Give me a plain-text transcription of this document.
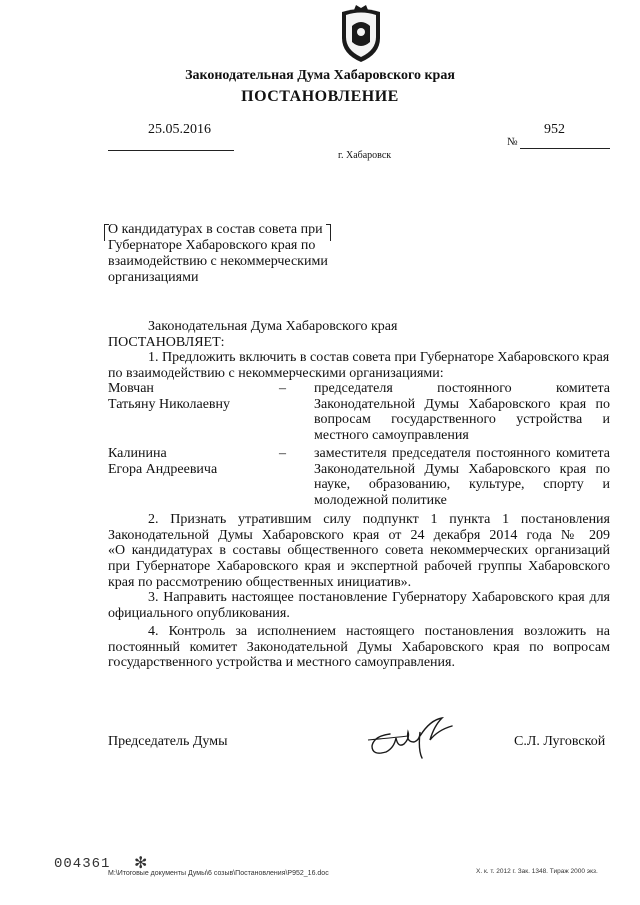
Законодательная Дума Хабаровского края
ПОСТАНОВЛЕНИЕ
25.05.2016	952
№
г. Хабаровск
О кандидатурах в состав совета при
Губернаторе Хабаровского края по
взаимодействию с некоммерческими
организациями
Законодательная Дума Хабаровского края
ПОСТАНОВЛЯЕТ:
1. Предложить включить в состав совета при Губернаторе Хабаровского края
по взаимодействию с некоммерческими организациями:
Мовчан
Татьяну Николаевну
– председателя постоянного комитета
Законодательной Думы Хабаровского края по
вопросам государственного устройства и
местного самоуправления
Калинина
Егора Андреевича
– заместителя председателя постоянного комитета
Законодательной Думы Хабаровского края по
науке, образованию, культуре, спорту и
молодежной политике
2. Признать утратившим силу подпункт 1 пункта 1 постановления
Законодательной Думы Хабаровского края от 24 декабря 2014 года № 209
«О кандидатурах в составы общественного совета некоммерческих организаций
при Губернаторе Хабаровского края и экспертной рабочей группы Хабаровского
края по рассмотрению общественных инициатив».
3. Направить настоящее постановление Губернатору Хабаровского края для
официального опубликования.
4. Контроль за исполнением настоящего постановления возложить на
постоянный комитет Законодательной Думы Хабаровского края по вопросам
государственного устройства и местного самоуправления.
Председатель Думы	С.Л. Луговской
004361 ✻
М:\Итоговые документы Думы\6 созыв\Постановления\Р952_16.doc	Х. к. т. 2012 г. Зак. 1348. Тираж 2000 экз.
